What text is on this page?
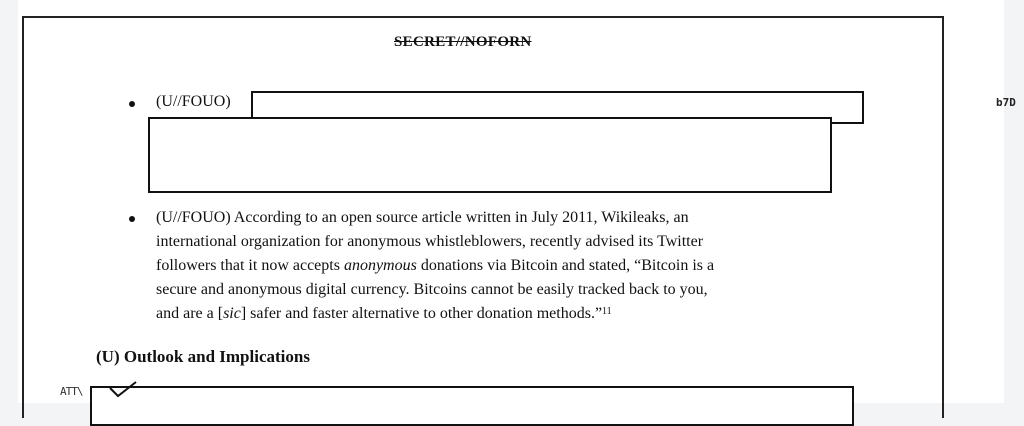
SECRET//NOFORN
(U//FOUO)
(U//FOUO) According to an open source article written in July 2011, Wikileaks, an
international organization for anonymous whistleblowers, recently advised its Twitter
followers that it now accepts anonymous donations via Bitcoin and stated, “Bitcoin is a
secure and anonymous digital currency. Bitcoins cannot be easily tracked back to you,
and are a [sic] safer and faster alternative to other donation methods.”$^{11}$
(U) Outlook and Implications
ATT\
b7D
